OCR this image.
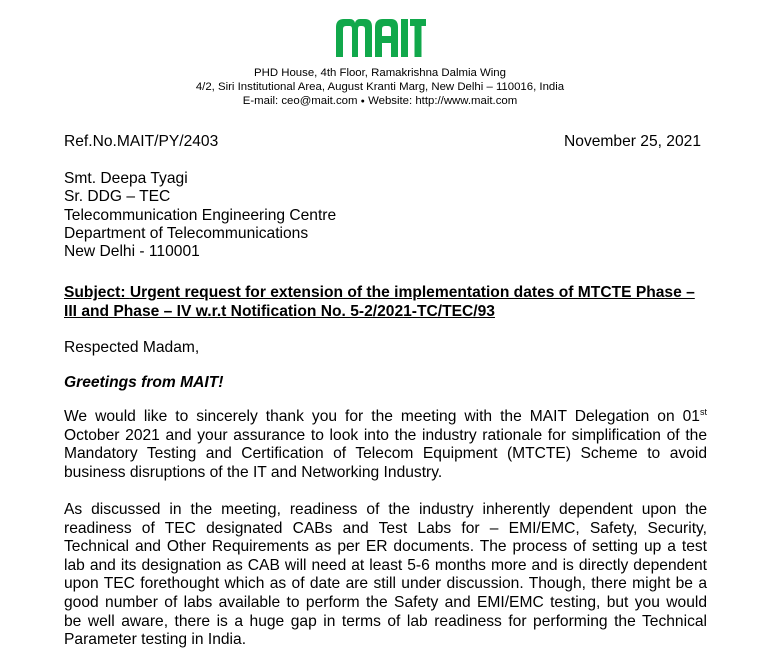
PHD House, 4th Floor, Ramakrishna Dalmia Wing
4/2, Siri Institutional Area, August Kranti Marg, New Delhi – 110016, India
E-mail: ceo@mait.com ● Website: http://www.mait.com
Ref.No.MAIT/PY/2403	November 25, 2021
Smt. Deepa Tyagi
Sr. DDG – TEC
Telecommunication Engineering Centre
Department of Telecommunications
New Delhi - 110001
Subject: Urgent request for extension of the implementation dates of MTCTE Phase –
III and Phase – IV w.r.t Notification No. 5-2/2021-TC/TEC/93
Respected Madam,
Greetings from MAIT!
We would like to sincerely thank you for the meeting with the MAIT Delegation on 01st
October 2021 and your assurance to look into the industry rationale for simplification of the
Mandatory Testing and Certification of Telecom Equipment (MTCTE) Scheme to avoid
business disruptions of the IT and Networking Industry.
As discussed in the meeting, readiness of the industry inherently dependent upon the
readiness of TEC designated CABs and Test Labs for – EMI/EMC, Safety, Security,
Technical and Other Requirements as per ER documents. The process of setting up a test
lab and its designation as CAB will need at least 5-6 months more and is directly dependent
upon TEC forethought which as of date are still under discussion. Though, there might be a
good number of labs available to perform the Safety and EMI/EMC testing, but you would
be well aware, there is a huge gap in terms of lab readiness for performing the Technical
Parameter testing in India.
